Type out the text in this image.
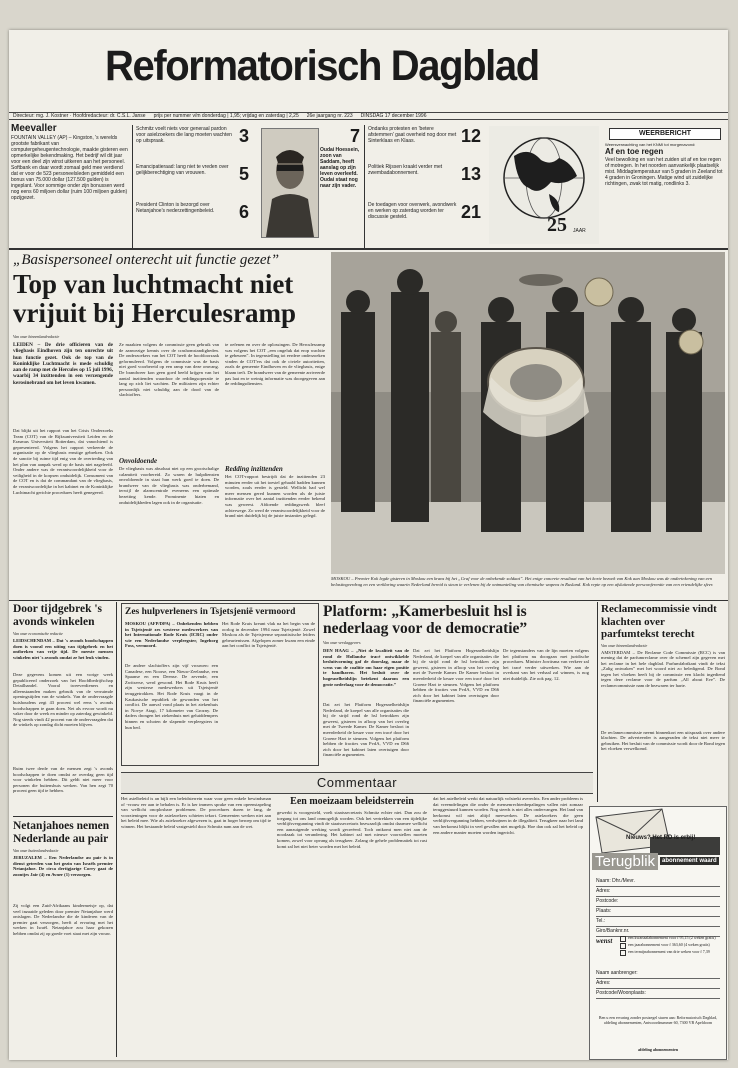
Reformatorisch Dagblad
Directeur: mg. J. Kostner · Hoofdredacteur: dr. C.S.L. Janse prijs per nummer v/m donderdag | 1,95; vrijdag en zaterdag | 2,25 26e jaargang nr. 223 DINSDAG 17 december 1996
Meevaller
FOUNTAIN VALLEY (AP) – Kingston, 's werelds grootste fabrikant van computergeheugentechnologie, maakte gisteren een opmerkelijke bekendmaking. Het bedrijf wil dit jaar voor een deel zijn winst uitkeren aan het personeel. Softbank en daar wordt zomaal geld mee verdiend dat er voor de 523 personeelsleden gemiddeld een bonus van 75.000 dollar (127.500 gulden) is ingeplant. Voor sommige onder zijn bonussen werd nog eens 60 miljoen dollar (ruim 100 miljoen gulden) opzijgezet.
Schmitz voelt niets voor generaal pardon voor asielzoekers die lang moeten wachten op uitspraak.	3
Emancipatieraad: lang niet te vreden over gelijkberechtiging van vrouwen.	5
President Clinton is bezorgd over Netanjahoe's nederzettingenbeleid.	6
7
Oudai Hoessein, zoon van Saddam, heeft aanslag op zijn leven overleefd. Oudai staat nog naar zijn vader.
Ondanks protesten en 'betere afstemmen' gaat overheid nog door met Sinterklaas en Klaas.	12
Politiek Rijssen kraakt verder met zwembadabonnement.	13
De toedagen voor overwerk, avondwerk en werken op zaterdag worden ter discussie gesteld.	21
25 JAAR
WEERBERICHT
Weersverwachting van het KNMI tot morgenavond:
Af en toe regen
Veel bewolking en van het zuiden uit af en toe regen of motregen. In het noorden aanvankelijk plaatselijk mist. Middagtemperatuur van 5 graden in Zeeland tot 4 graden in Groningen. Matige wind uit zuidelijke richtingen, zwak tot matig, rondlinks 3.
„Basispersoneel onterecht uit functie gezet”
Top van luchtmacht niet vrijuit bij Herculesramp
Van onze binnenlandredactie
LEIDEN – De drie officieren van de vliegbasis Eindhoven zijn ten onrechte uit hun functie gezet. Ook de top van de Koninklijke Luchtmacht is mede schuldig aan de ramp met de Hercules op 15 juli 1996, waarbij 34 inzittenden in een verzengende kerosinebrand om het leven kwamen.
Dat blijkt uit het rapport van het Crisis Onderzoeks Team (COT) van de Rijksuniversiteit Leiden en de Erasmus Universiteit Rotterdam, dat vanochtend is gepresenteerd. Volgens het rapport verkeerde de organisatie op de vliegbasis ernstige gebreken. Ook de sanctie bij ruime tijd enig van de overtreding van het plan van aanpak werd op de basis niet nageleefd. Onder andere was de verantwoordelijkheid voor de veiligheid in de korpsen onduidelijk. Consument van de COT en is dat de commandant van de vliegbasis, de verantwoordelijke in het kabinet en de Koninklijke Luchtmacht gerichte procedures heeft genegeerd.
Ze maakten volgens de commissie geen gebruik van de aanwezige kennis over de crashomstandigheden. De onderzoekers van het COT heeft de hoofdoorzaak geformuleerd. Volgens de commissie was de basis niet goed voorbereid op een ramp van deze omvang. De brandweer kon geen goed beeld krijgen van het aantal inzittenden waardoor de reddingsoperatie te lang op zich liet wachten. De militairen zijn echter persoonlijk niet schuldig aan de dood van de slachtoffers.
Onvoldoende
De vliegbasis was absoluut niet op een grootschalige calamiteit voorbereid. Zo waren de hulpdiensten onvoldoende in staat hun werk goed te doen. De brandweer van de vliegbasis was onderbemand, terwijl de alarmcentrale eveneens een optimale bezetting kende. Prominente hiaten en onduidelijkheden lagen ook in de organisatie.
te oefenen en over de oplossingen. De Herculesramp was volgens het COT „een ongeluk dat erop wachtte te gebeuren”. In tegenstelling tot eerdere onderzoeken vinden de COT'ers dat ook de civiele autoriteiten, zoals de gemeente Eindhoven en de vliegbasis, enige blaam treft. De brandweer van de gemeente arriveerde pas laat en te weinig informatie was doorgegeven aan de reddingsdiensten.
Redding inzittenden
Het COT-rapport bestrijdt dat de inzittenden 23 minuten eerder uit het toestel gehaald hadden kunnen worden, zoals eerder is gesteld. Wellicht had wel meer mensen gered kunnen worden als de juiste informatie over het aantal inzittenden eerder bekend was geweest. Afdoende reddingswerk bleef achterwege. Zo werd de verantwoordelijkheid voor de brand niet duidelijk bij de juiste instanties gelegd.
MOSKOU – Premier Kok legde gisteren in Moskou een krans bij het „Graf voor de onbekende soldaat”. Het enige concrete resultaat van het korte bezoek van Kok aan Moskou was de ondertekening van een belastingverdrag en een verklaring waarin Nederland bereid is steun te verlenen bij de ontmanteling van chemische wapens in Rusland. Kok repte op een afsluitende persconferentie van een vriendelijke sfeer.
Door tijdgebrek 's avonds winkelen
Van onze economische redactie
LEIDSCHENDAM – Dat 's avonds boodschappen doen is vooral een uiting van tijdgebrek en het ontbreken van vrije tijd. De meeste mensen winkelen niet 's avonds omdat ze het leuk vinden.
Deze gegevens komen uit een vorige week gepubliceerd onderzoek van het Hoofdbedrijfschap Detailhandel. Vooral tweeverdieners en alleenstaanden maken gebruik van de verruimde openingstijden van de winkels. Van de ondervraagde huishoudens zegt 43 procent wel eens 's avonds boodschappen te gaan doen. Net als ervoor wordt nu vaker door de week en minder op zaterdag gewinkeld. Nog steeds vindt 42 procent van de ondervraagden dat de winkels op zondag dicht moeten blijven.
Ruim twee derde van de mensen zegt 's avonds boodschappen te doen omdat ze overdag geen tijd voor winkelen hebben. Dit geldt niet meer voor personen die buitenshuis werken. Van hen zegt 70 procent geen tijd te hebben.
Netanjahoes nemen Nederlande au pair
Van onze buitenlandredactie
JERUZALEM – Een Nederlandse au pair is in dienst getreden van het gezin van Israëls premier Netanjahoe. De circa dertigjarige Corry gaat de zoontjes Jair (4) en Avner (1) verzorgen.
Zij volgt een Zuid-Afrikaans kindermeisje op, dat veel inzaaide geleden door premier Netanjahoe werd ontslagen. De Nederlandse die de kinderen van de premier gaat verzorgen, heeft al ervaring met het werken in Israël. Netanjahoe zou haar gekozen hebben omdat zij op goede voet staat met zijn vrouw.
Zes hulpverleners in Tsjetsjenië vermoord
MOSKOU (AFP/DPA) – Onbekenden hebben in Tsjetsjenië zes westerse medewerkers van het Internationale Rode Kruis (ICRC) onder wie een Nederlandse verpleegster, Ingeborg Foss, vermoord.
De andere slachtoffers zijn vijf vrouwen: een Canadese, een Noorse, een Nieuw-Zeelandse, een Spaanse en een Deense. De zevende, een Zwitserse, werd gewond. Het Rode Kruis heeft zijn westerse medewerkers uit Tsjetsjenië teruggetrokken. Het Rode Kruis vaagt in de Kaukasische republiek de gewonden van het conflict. De aanval vond plaats in het ziekenhuis in Novye Atagi, 17 kilometer van Grozny. De daders drongen het ziekenhuis met geluiddempers binnen en schoten de slapende verpleegsters in hun bed.
Het Rode Kruis kreunt vlak na het begin van de oorlog in december 1994 naar Tsjetsjenië. Zowel Moskou als de Tsjetsjeense separatistische leiders gebeurtenissen. Afgelopen zomer kwam een einde aan het conflict in Tsjetsjenië.
Platform: „Kamerbesluit hsl is nederlaag voor de democratie”
Van onze verslaggevers
DEN HAAG – „Niet de kwaliteit van de rond de Hollandse tracé ontwikkelde besluitvorming gaf de doorslag, maar de wens van de coalitie om haar eigen positie te handhaven. Het besluit over de hogesnelheidslijn betekent daarom een grote nederlaag voor de democratie.”
Dat zei het Platform Hogesnelheidslijn Nederland, de koepel van alle organisaties die bij de strijd rond de hsl betrokken zijn geweest, gisteren in afloop van het overleg met de Tweede Kamer. De Kamer besloot in meerderheid de keuze voor een tracé door het Groene Hart te steunen. Volgens het platform hebben de fracties van PvdA, VVD en D66 zich door het kabinet laten overtuigen door financiële argumenten.
Dat zei het Platform Hogesnelheidslijn Nederland, de koepel van alle organisaties die bij de strijd rond de hsl betrokken zijn geweest, gisteren in afloop van het overleg met de Tweede Kamer. De Kamer besloot in meerderheid de keuze voor een tracé door het Groene Hart te steunen. Volgens het platform hebben de fracties van PvdA, VVD en D66 zich door het kabinet laten overtuigen door financiële argumenten.
De tegenstanders van de lijn moeten volgens het platform nu doorgaan met juridische procedures. Minister Jorritsma van verkeer zal het tracé verder uitwerken. Wie aan de overkant van het verhaal zal winnen, is nog niet duidelijk. Zie ook pag. 12.
Reclamecommissie vindt klachten over parfumtekst terecht
Van onze binnenlandredactie
AMSTERDAM – De Reclame Code Commissie (RCC) is van mening dat de parfumreclame over de schemel zijn gegeven met het reclame in het hele dagblad. Parfumfabrikant vindt de tekst „Zalig ontwaken” met het woord niet zo beledigend. De Bond tegen het vloeken heeft bij de commissie een klacht ingediend tegen deze reclame voor de parfum „All about Eve”. De reclamecommissie nam de bezwaren ter harte.
De reclamecommissie neemt binnenkort een uitspraak over andere klachten. De adverteerder is aangeraden de tekst niet meer te gebruiken. Het besluit van de commissie wordt door de Bond tegen het vloeken verwelkomd.
Commentaar
Het asielbeleid is an bijlt een beleidsterrein waar voor geen enkele bewindsman of -vrouw eer aan te behalen is. Er is ker immers sprake van een opeenstapeling van wellicht onoplosbare problemen. De procedures duren te lang, de voorzieningen voor de asielzoekers schieten tekort. Gemeenten werken niet aan het beleid mee. Wie als asielzoeker afgewezen is, gaat in hoger beroep om tijd te winnen. Het bestaande beleid vastgesteld door Schmitz nam aan de wet.
Een moeizaam beleidsterrein
gewerkt is voorgesteld, voelt staatssecretaris Schmitz echter niet. Dan zou de toegang tot ons land onmogelijk worden. Ook het vertrekken van een tijdelijke verblijfsvergunning vindt de staatssecretaris bezwaarlijk omdat daarmee wellicht een aanzuigende werking wordt gecreëerd. Toch ontkomt men niet aan de noodzaak tot verandering. Het kabinet zal met nieuwe voorstellen moeten komen, zowel voor opvang als terugkeer. Zolang de gehele problematiek tot rust komt zal het niet beter worden met het beleid.
dat het asielbeleid werkt dat natuurlijk volstrekt averechts. Een ander probleem is dat vreemdelingen die onder de mensenrechtenbepalingen vallen niet zomaar teruggestuurd kunnen worden. Nog steeds is niet alles ondervangen. Het land van herkomst wil niet altijd meewerken. De asielzoekers die geen verblijfsvergunning hebben, verdwijnen in de illegaliteit. Terugkeer naar het land van herkomst blijkt in veel gevallen niet mogelijk. Hoe dan ook zal het beleid op een andere manier moeten worden ingericht.
Nieuws? Het RD is erbij!
Terugblik	abonnement waard
Naam: Dhr./Mevr.
Adres:
Postcode:
Plaats:
Tel.:
Giro/Banknr.nr.
wenst	een kwartaalabonnement voor f 95,15 (2 weken gratis)
een jaarabonnement voor f 363,60 (4 weken gratis)
een termijnabonnement van drie weken voor f 7,39
Naam aanbrenger:
Adres:
Postcode/Woonplaats:
Ben u een ervaring zonder postzegel sturen aan: Reformatorisch Dagblad, afdeling abonnementen, Antwoordnummer 60, 7300 VB Apeldoorn
afdeling abonnementen
